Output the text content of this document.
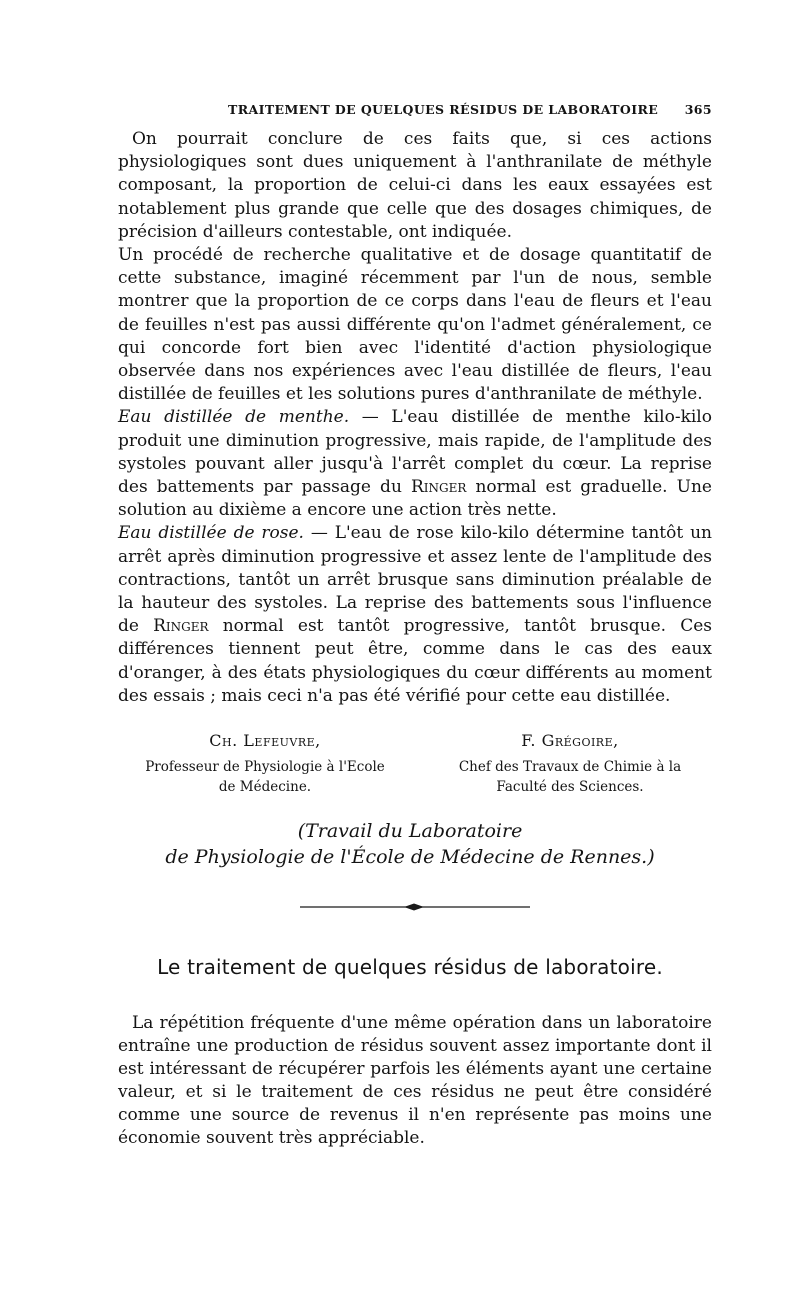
TRAITEMENT DE QUELQUES RÉSIDUS DE LABORATOIRE 365

On pourrait conclure de ces faits que, si ces actions physiologiques sont dues uniquement à l'anthranilate de méthyle composant, la proportion de celui-ci dans les eaux essayées est notablement plus grande que celle que des dosages chimiques, de précision d'ailleurs contestable, ont indiquée.

Un procédé de recherche qualitative et de dosage quantitatif de cette substance, imaginé récemment par l'un de nous, semble montrer que la proportion de ce corps dans l'eau de fleurs et l'eau de feuilles n'est pas aussi différente qu'on l'admet généralement, ce qui concorde fort bien avec l'identité d'action physiologique observée dans nos expériences avec l'eau distillée de fleurs, l'eau distillée de feuilles et les solutions pures d'anthranilate de méthyle.

Eau distillée de menthe. — L'eau distillée de menthe kilo-kilo produit une diminution progressive, mais rapide, de l'amplitude des systoles pouvant aller jusqu'à l'arrêt complet du cœur. La reprise des battements par passage du Ringer normal est graduelle. Une solution au dixième a encore une action très nette.

Eau distillée de rose. — L'eau de rose kilo-kilo détermine tantôt un arrêt après diminution progressive et assez lente de l'amplitude des contractions, tantôt un arrêt brusque sans diminution préalable de la hauteur des systoles. La reprise des battements sous l'influence de Ringer normal est tantôt progressive, tantôt brusque. Ces différences tiennent peut être, comme dans le cas des eaux d'oranger, à des états physiologiques du cœur différents au moment des essais ; mais ceci n'a pas été vérifié pour cette eau distillée.

Ch. Lefeuvre,
Professeur de Physiologie à l'Ecole
de Médecine.
F. Grégoire,
Chef des Travaux de Chimie à la
Faculté des Sciences.
(Travail du Laboratoire
de Physiologie de l'École de Médecine de Rennes.)
Le traitement de quelques résidus de laboratoire.

La répétition fréquente d'une même opération dans un laboratoire entraîne une production de résidus souvent assez importante dont il est intéressant de récupérer parfois les éléments ayant une certaine valeur, et si le traitement de ces résidus ne peut être considéré comme une source de revenus il n'en représente pas moins une économie souvent très appréciable.
